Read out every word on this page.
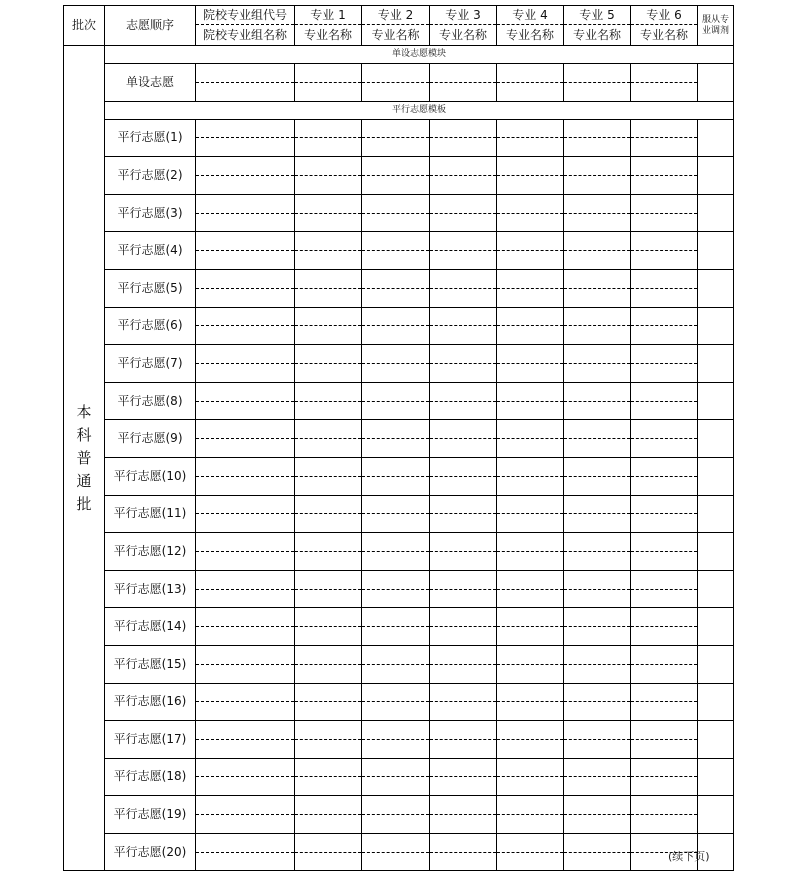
批次	志愿顺序	院校专业组代号	专业 1	专业 2	专业 3	专业 4	专业 5	专业 6	服从专业调剂
		院校专业组名称	专业名称	专业名称	专业名称	专业名称	专业名称	专业名称	
本科普通批	单设志愿模块								
	单设志愿								

	平行志愿模板								
	平行志愿(1)								

	平行志愿(2)								

	平行志愿(3)								

	平行志愿(4)								

	平行志愿(5)								

	平行志愿(6)								

	平行志愿(7)								

	平行志愿(8)								

	平行志愿(9)								

	平行志愿(10)								

	平行志愿(11)								

	平行志愿(12)								

	平行志愿(13)								

	平行志愿(14)								

	平行志愿(15)								

	平行志愿(16)								

	平行志愿(17)								

	平行志愿(18)								

	平行志愿(19)								

	平行志愿(20)								
							(续下页)
